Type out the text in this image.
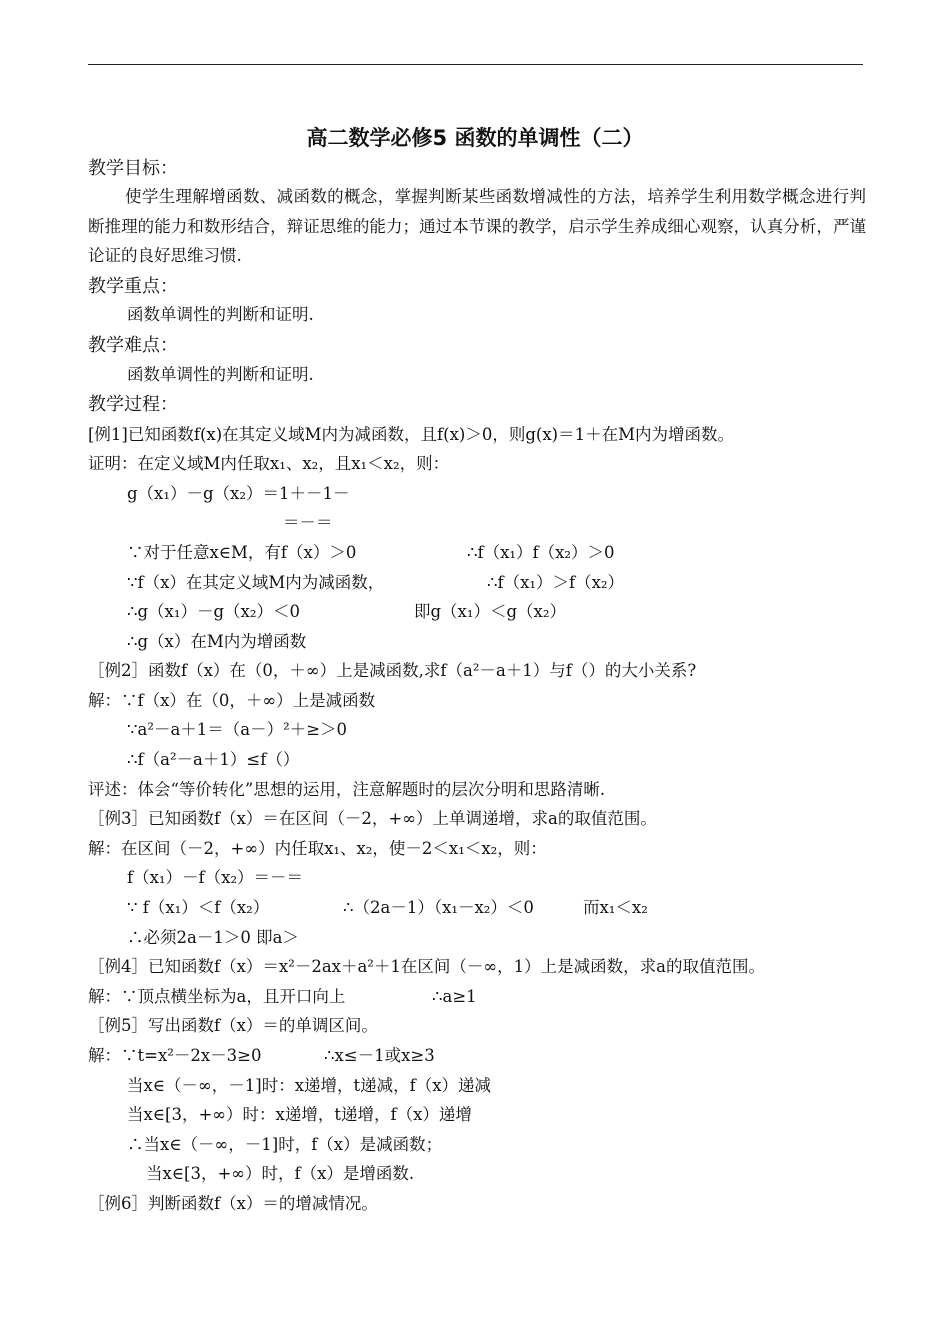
高二数学必修5 函数的单调性（二）
使学生理解增函数、减函数的概念，掌握判断某些函数增减性的方法，培养学生利用数学概念进行判断推理的能力和数形结合，辩证思维的能力；通过本节课的教学，启示学生养成细心观察，认真分析，严谨论证的良好思维习惯.
教学目标：
教学重点：
函数单调性的判断和证明.
教学难点：
函数单调性的判断和证明.
教学过程：
[例1]已知函数f(x)在其定义域M内为减函数，且f(x)＞0，则g(x)＝1＋在M内为增函数。
证明：在定义域M内任取x₁、x₂，且x₁＜x₂，则：
g（x₁）－g（x₂）＝1＋－1－
＝－＝
∵对于任意x∈M，有f（x）＞0	∴f（x₁）f（x₂）＞0
∵f（x）在其定义域M内为减函数，	∴f（x₁）＞f（x₂）
∴g（x₁）－g（x₂）＜0	即g（x₁）＜g（x₂）
∴g（x）在M内为增函数
［例2］函数f（x）在（0，＋∞）上是减函数,求f（a²－a＋1）与f（）的大小关系?
解：∵f（x）在（0，＋∞）上是减函数
∵a²－a＋1＝（a－）²＋≥＞0
∴f（a²－a＋1）≤f（）
评述：体会“等价转化”思想的运用，注意解题时的层次分明和思路清晰.
［例3］已知函数f（x）＝在区间（－2，+∞）上单调递增，求a的取值范围。
解：在区间（－2，+∞）内任取x₁、x₂，使－2＜x₁＜x₂，则：
f（x₁）－f（x₂）＝－＝
∵ f（x₁）＜f（x₂）	∴（2a－1）（x₁－x₂）＜0	而x₁＜x₂
∴必须2a－1＞0 即a＞
［例4］已知函数f（x）＝x²－2ax＋a²＋1在区间（－∞，1）上是减函数，求a的取值范围。
解：∵顶点横坐标为a，且开口向上	∴a≥1
［例5］写出函数f（x）＝的单调区间。
解：∵t=x²－2x－3≥0	∴x≤－1或x≥3
当x∈（－∞，－1]时：x递增，t递减，f（x）递减
当x∈[3，+∞）时：x递增，t递增，f（x）递增
∴当x∈（－∞，－1]时，f（x）是减函数；
当x∈[3，+∞）时，f（x）是增函数.
［例6］判断函数f（x）＝的增减情况。
